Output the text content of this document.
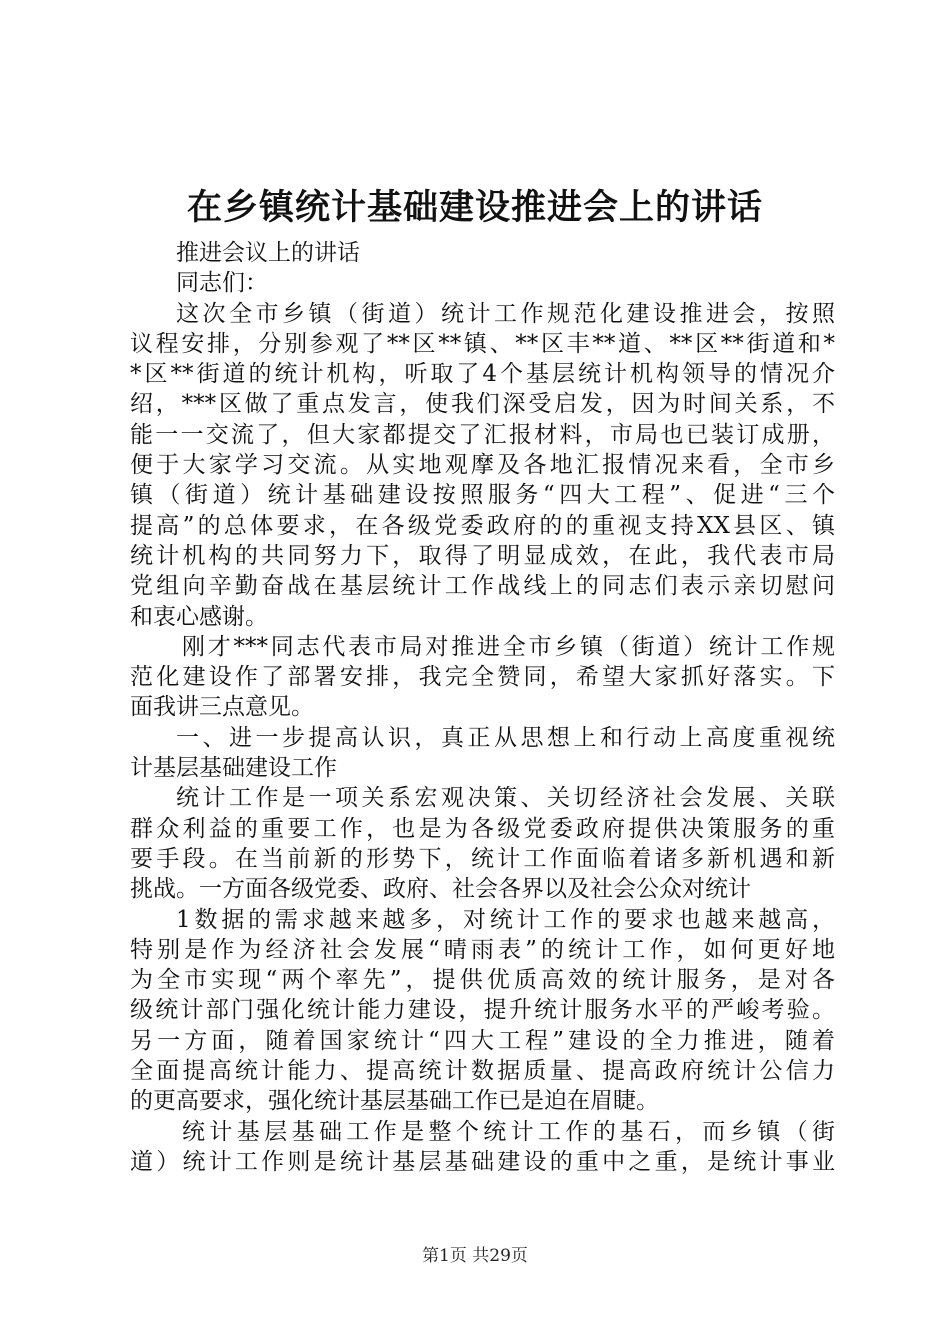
在乡镇统计基础建设推进会上的讲话
推进会议上的讲话
同志们：
这次全市乡镇（街道）统计工作规范化建设推进会，按照
议程安排，分别参观了**区**镇、**区丰**道、**区**街道和*
*区**街道的统计机构，听取了4个基层统计机构领导的情况介
绍，***区做了重点发言，使我们深受启发，因为时间关系，不
能一一交流了，但大家都提交了汇报材料，市局也已装订成册，
便于大家学习交流。从实地观摩及各地汇报情况来看，全市乡
镇（街道）统计基础建设按照服务“四大工程”、促进“三个
提高”的总体要求，在各级党委政府的的重视支持XX县区、镇
统计机构的共同努力下，取得了明显成效，在此，我代表市局
党组向辛勤奋战在基层统计工作战线上的同志们表示亲切慰问
和衷心感谢。
刚才***同志代表市局对推进全市乡镇（街道）统计工作规
范化建设作了部署安排，我完全赞同，希望大家抓好落实。下
面我讲三点意见。
一、进一步提高认识，真正从思想上和行动上高度重视统
计基层基础建设工作
统计工作是一项关系宏观决策、关切经济社会发展、关联
群众利益的重要工作，也是为各级党委政府提供决策服务的重
要手段。在当前新的形势下，统计工作面临着诸多新机遇和新
挑战。一方面各级党委、政府、社会各界以及社会公众对统计
1数据的需求越来越多，对统计工作的要求也越来越高，
特别是作为经济社会发展“晴雨表”的统计工作，如何更好地
为全市实现“两个率先”，提供优质高效的统计服务，是对各
级统计部门强化统计能力建设，提升统计服务水平的严峻考验。
另一方面，随着国家统计“四大工程”建设的全力推进，随着
全面提高统计能力、提高统计数据质量、提高政府统计公信力
的更高要求，强化统计基层基础工作已是迫在眉睫。
统计基层基础工作是整个统计工作的基石，而乡镇（街
道）统计工作则是统计基层基础建设的重中之重，是统计事业
第1页 共29页
